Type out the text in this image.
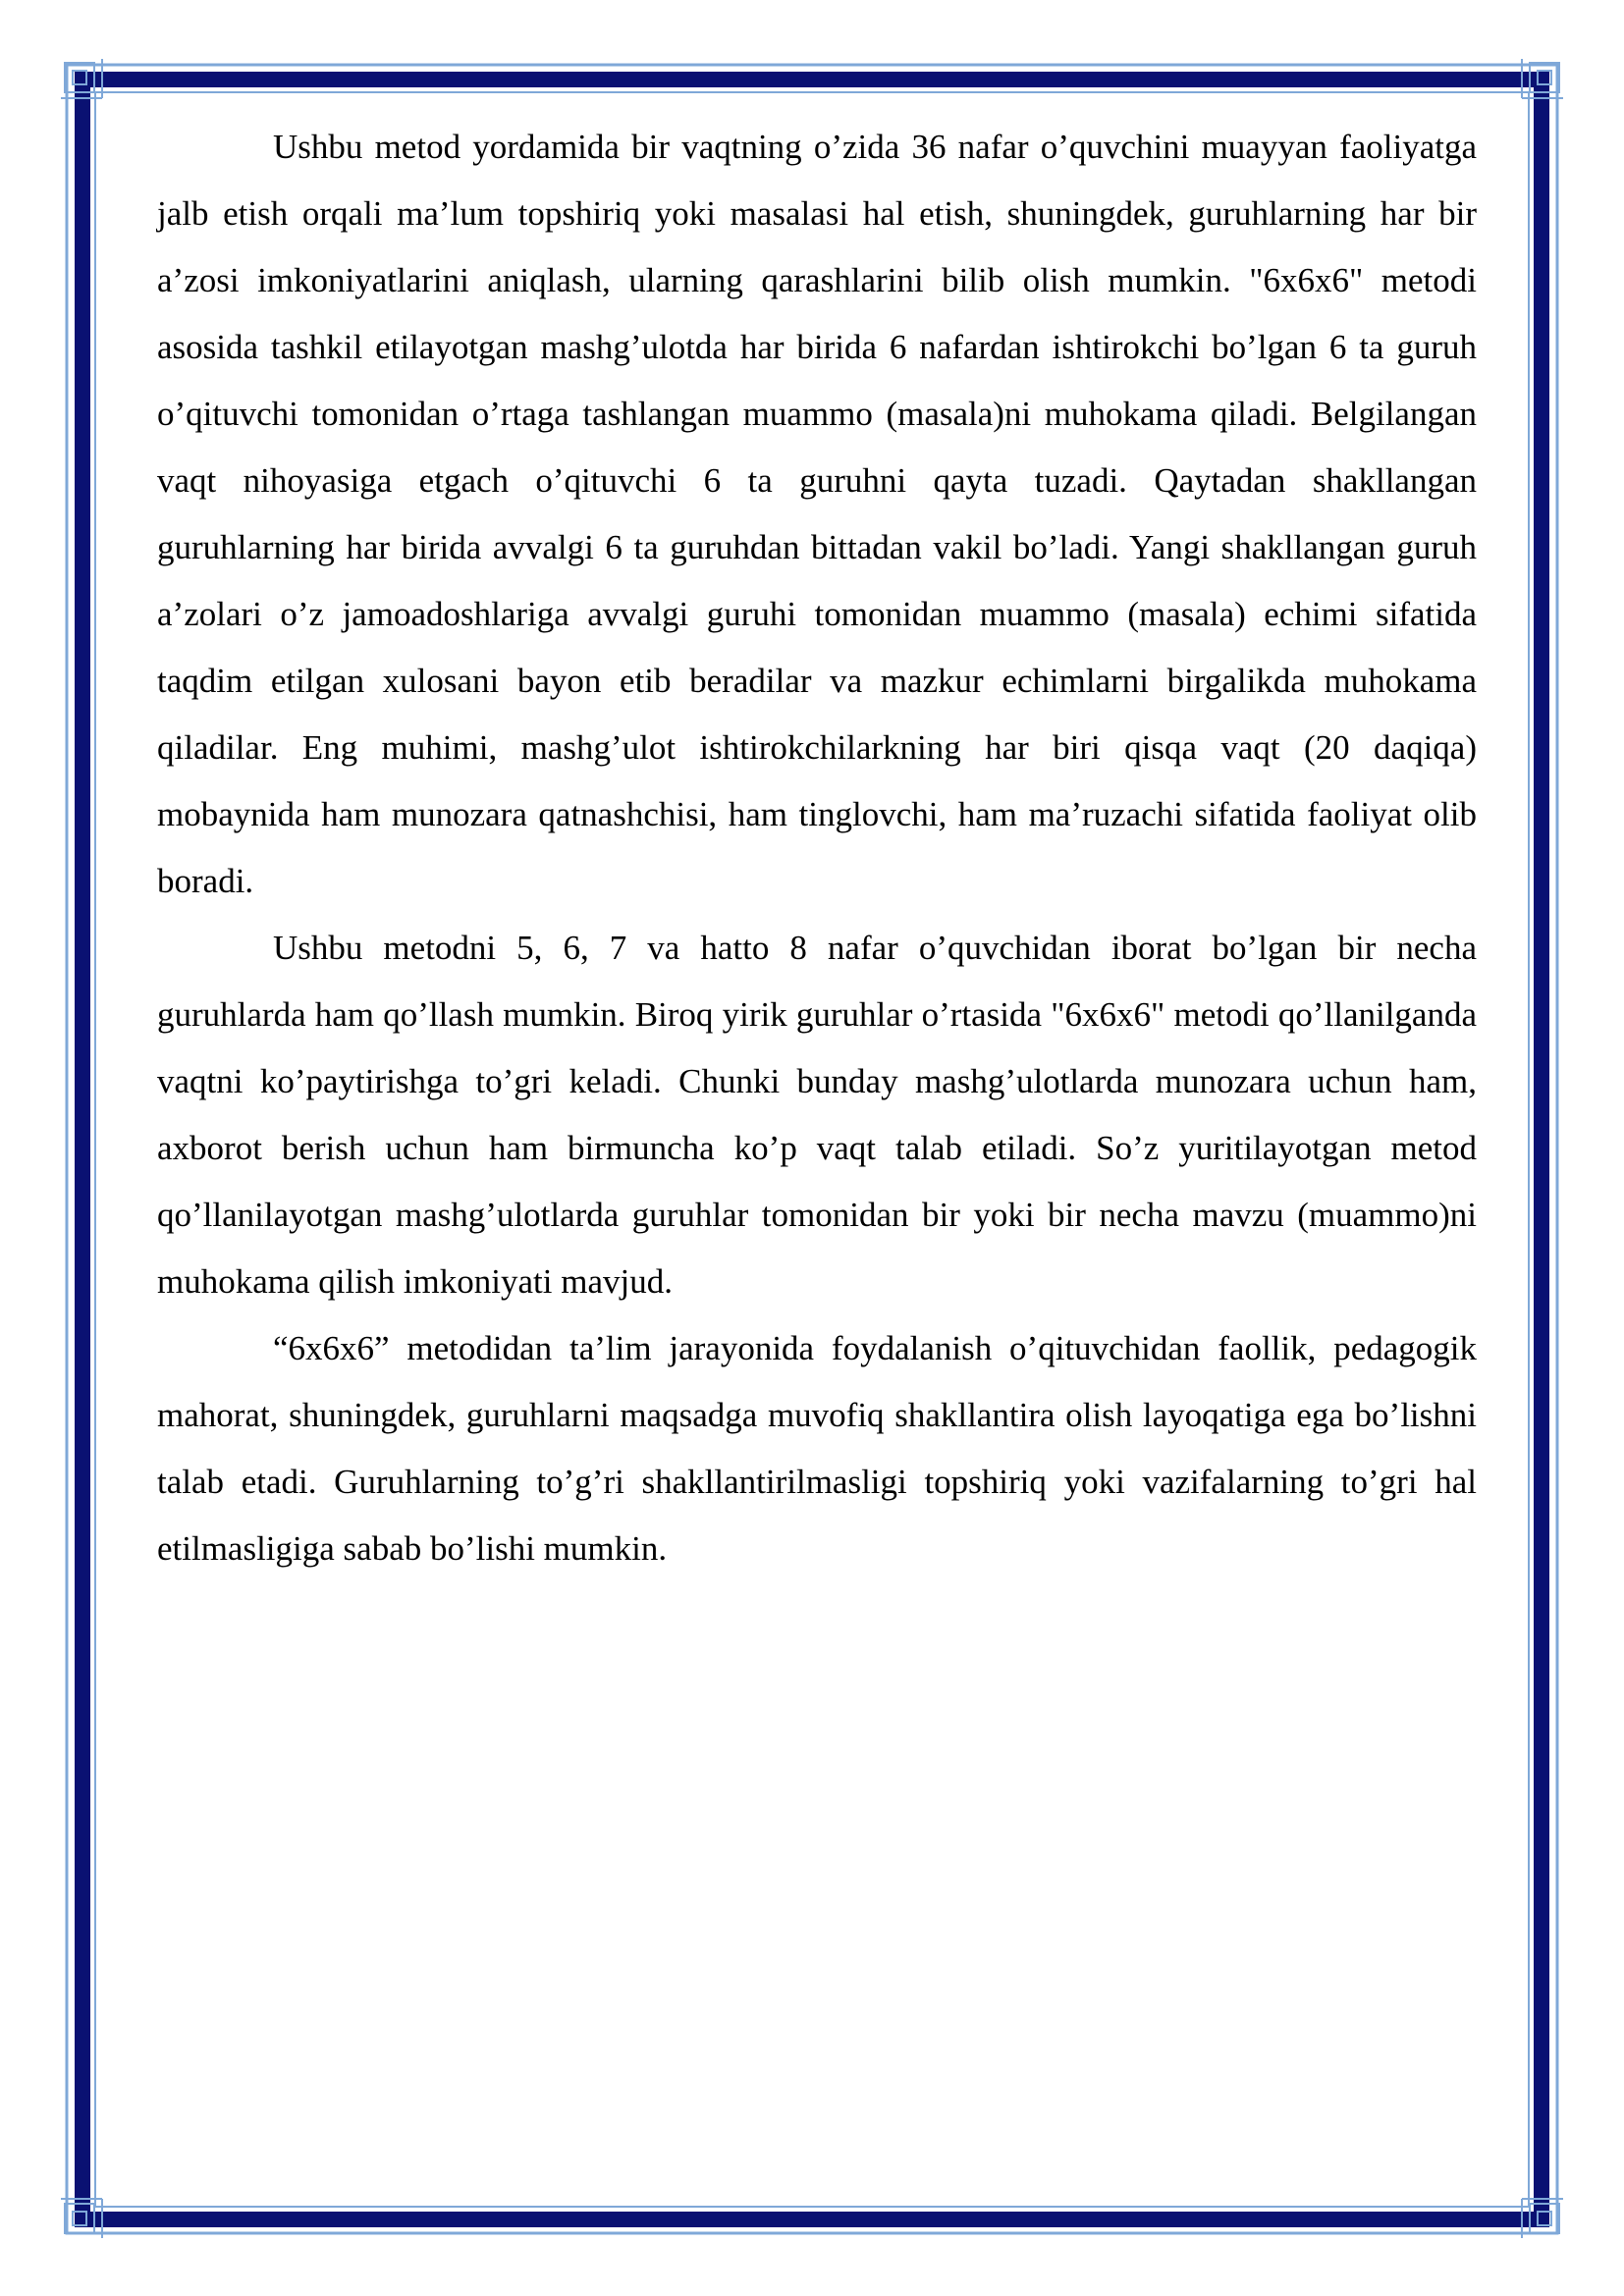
Ushbu metod yordamida bir vaqtning o’zida 36 nafar o’quvchini muayyan faoliyatga jalb etish orqali ma’lum topshiriq yoki masalasi hal etish, shuningdek, guruhlarning har bir a’zosi imkoniyatlarini aniqlash, ularning qarashlarini bilib olish mumkin. "6x6x6" metodi asosida tashkil etilayotgan mashg’ulotda har birida 6 nafardan ishtirokchi bo’lgan 6 ta guruh o’qituvchi tomonidan o’rtaga tashlangan muammo (masala)ni muhokama qiladi. Belgilangan vaqt nihoyasiga etgach o’qituvchi 6 ta guruhni qayta tuzadi. Qaytadan shakllangan guruhlarning har birida avvalgi 6 ta guruhdan bittadan vakil bo’ladi. Yangi shakllangan guruh a’zolari o’z jamoadoshlariga avvalgi guruhi tomonidan muammo (masala) echimi sifatida taqdim etilgan xulosani bayon etib beradilar va mazkur echimlarni birgalikda muhokama qiladilar. Eng muhimi, mashg’ulot ishtirokchilarkning har biri qisqa vaqt (20 daqiqa) mobaynida ham munozara qatnashchisi, ham tinglovchi, ham ma’ruzachi sifatida faoliyat olib boradi.

Ushbu metodni 5, 6, 7 va hatto 8 nafar o’quvchidan iborat bo’lgan bir necha guruhlarda ham qo’llash mumkin. Biroq yirik guruhlar o’rtasida "6x6x6" metodi qo’llanilganda vaqtni ko’paytirishga to’gri keladi. Chunki bunday mashg’ulotlarda munozara uchun ham, axborot berish uchun ham birmuncha ko’p vaqt talab etiladi. So’z yuritilayotgan metod qo’llanilayotgan mashg’ulotlarda guruhlar tomonidan bir yoki bir necha mavzu (muammo)ni muhokama qilish imkoniyati mavjud.

“6x6x6” metodidan ta’lim jarayonida foydalanish o’qituvchidan faollik, pedagogik mahorat, shuningdek, guruhlarni maqsadga muvofiq shakllantira olish layoqatiga ega bo’lishni talab etadi. Guruhlarning to’g’ri shakllantirilmasligi topshiriq yoki vazifalarning to’gri hal etilmasligiga sabab bo’lishi mumkin.
